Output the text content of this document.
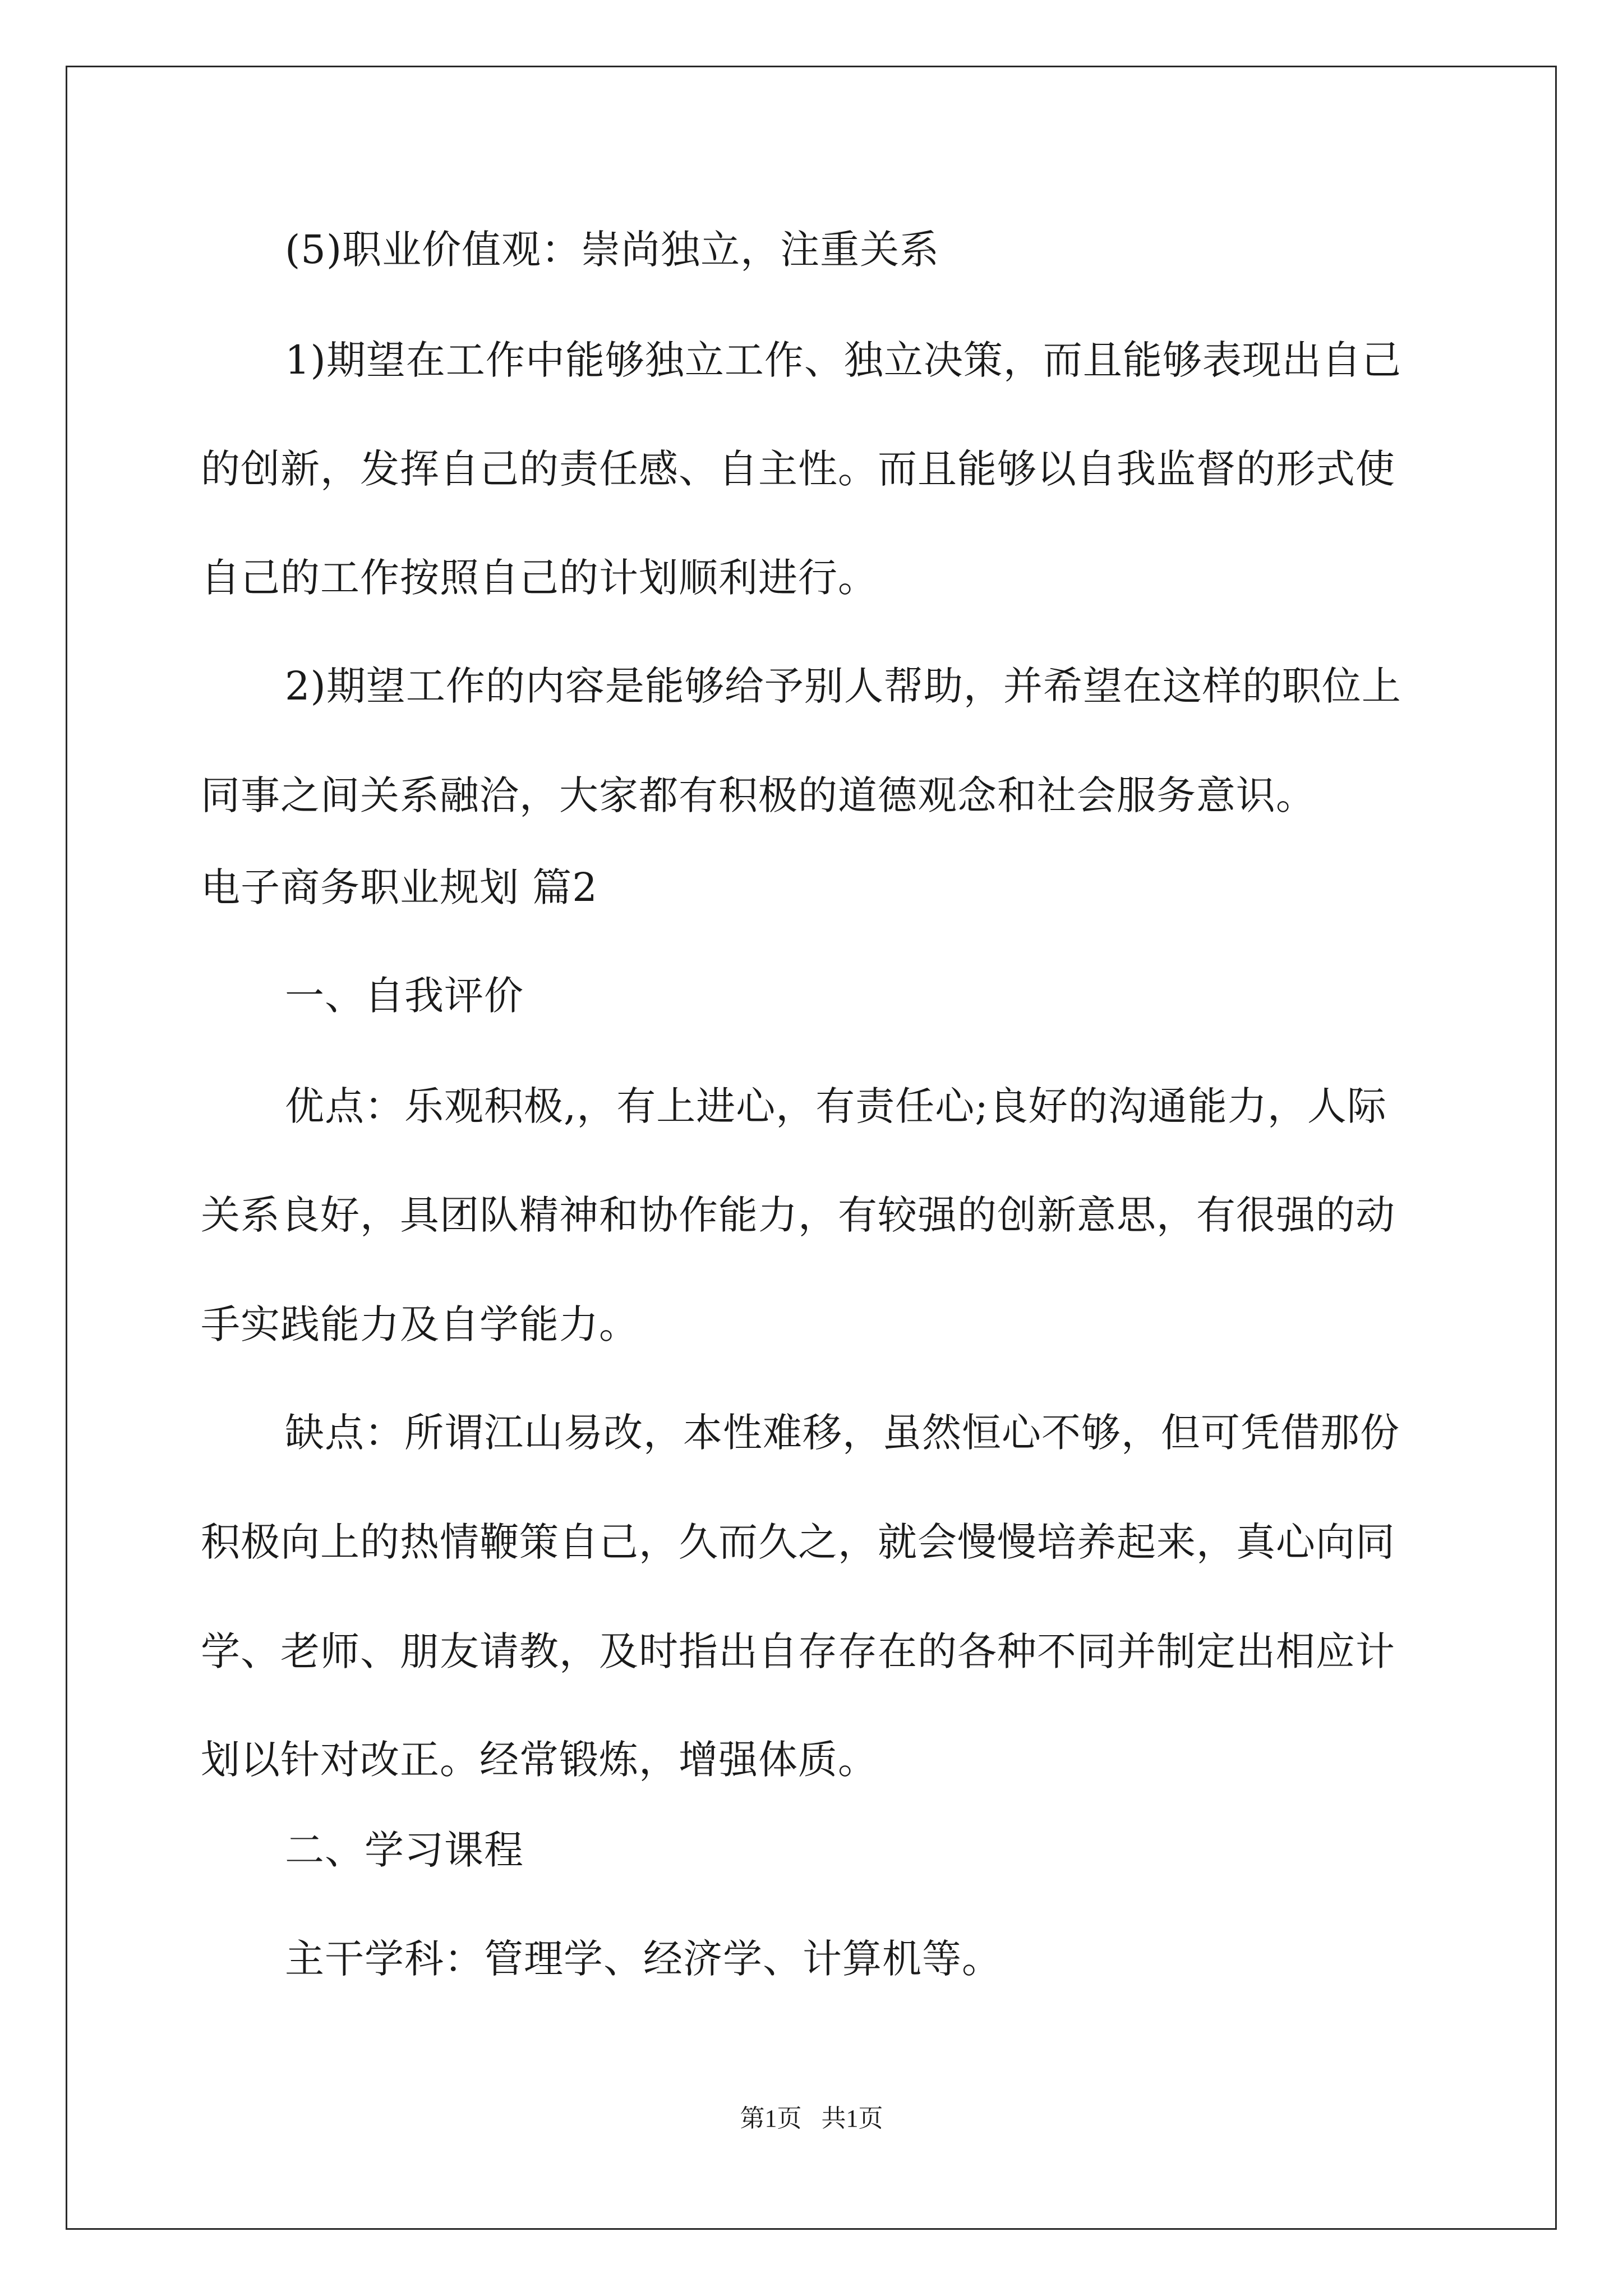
(5)职业价值观：崇尚独立，注重关系
1)期望在工作中能够独立工作、独立决策，而且能够表现出自己
的创新，发挥自己的责任感、自主性。而且能够以自我监督的形式使
自己的工作按照自己的计划顺利进行。
2)期望工作的内容是能够给予别人帮助，并希望在这样的职位上
同事之间关系融洽，大家都有积极的道德观念和社会服务意识。
电子商务职业规划 篇2
一、自我评价
优点：乐观积极,，有上进心，有责任心;良好的沟通能力，人际
关系良好，具团队精神和协作能力，有较强的创新意思，有很强的动
手实践能力及自学能力。
缺点：所谓江山易改，本性难移，虽然恒心不够，但可凭借那份
积极向上的热情鞭策自己，久而久之，就会慢慢培养起来，真心向同
学、老师、朋友请教，及时指出自存存在的各种不同并制定出相应计
划以针对改正。经常锻炼，增强体质。
二、学习课程
主干学科：管理学、经济学、计算机等。
第1页 共1页
